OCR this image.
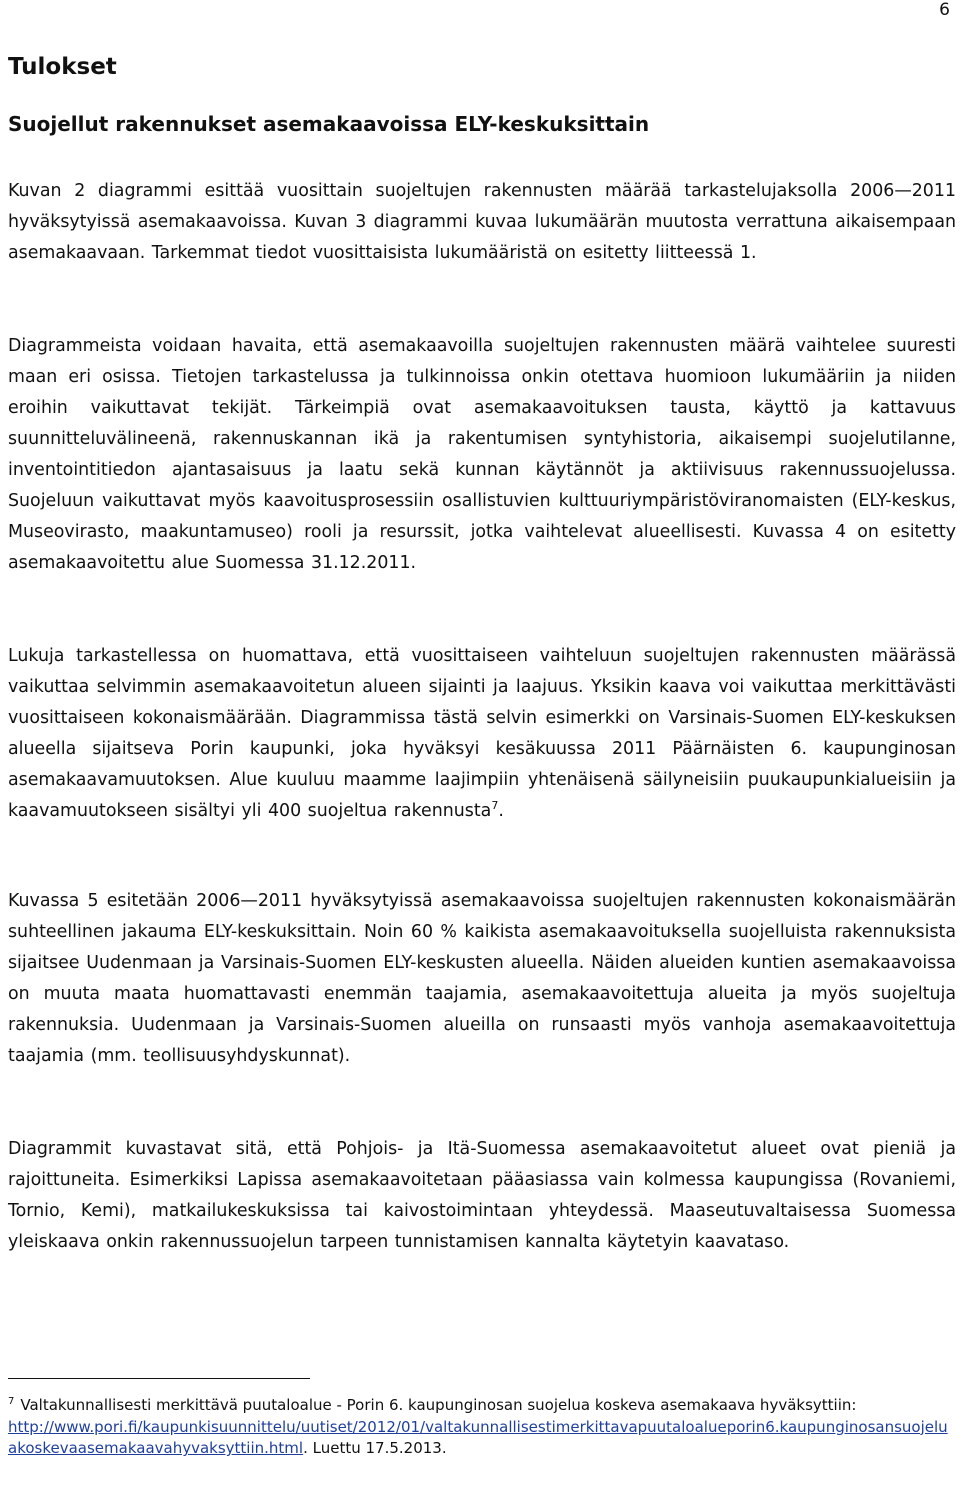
6
Tulokset
Suojellut rakennukset asemakaavoissa ELY-keskuksittain

Kuvan 2 diagrammi esittää vuosittain suojeltujen rakennusten määrää tarkastelujaksolla 2006—2011 hyväksytyissä asemakaavoissa. Kuvan 3 diagrammi kuvaa lukumäärän muutosta verrattuna aikaisempaan asemakaavaan. Tarkemmat tiedot vuosittaisista lukumääristä on esitetty liitteessä 1.

Diagrammeista voidaan havaita, että asemakaavoilla suojeltujen rakennusten määrä vaihtelee suuresti maan eri osissa. Tietojen tarkastelussa ja tulkinnoissa onkin otettava huomioon lukumääriin ja niiden eroihin vaikuttavat tekijät. Tärkeimpiä ovat asemakaavoituksen tausta, käyttö ja kattavuus suunnitteluvälineenä, rakennuskannan ikä ja rakentumisen syntyhistoria, aikaisempi suojelutilanne, inventointitiedon ajantasaisuus ja laatu sekä kunnan käytännöt ja aktiivisuus rakennussuojelussa. Suojeluun vaikuttavat myös kaavoitusprosessiin osallistuvien kulttuuriympäristöviranomaisten (ELY-keskus, Museovirasto, maakuntamuseo) rooli ja resurssit, jotka vaihtelevat alueellisesti. Kuvassa 4 on esitetty asemakaavoitettu alue Suomessa 31.12.2011.

Lukuja tarkastellessa on huomattava, että vuosittaiseen vaihteluun suojeltujen rakennusten määrässä vaikuttaa selvimmin asemakaavoitetun alueen sijainti ja laajuus. Yksikin kaava voi vaikuttaa merkittävästi vuosittaiseen kokonaismäärään. Diagrammissa tästä selvin esimerkki on Varsinais-Suomen ELY-keskuksen alueella sijaitseva Porin kaupunki, joka hyväksyi kesäkuussa 2011 Päärnäisten 6. kaupunginosan asemakaavamuutoksen. Alue kuuluu maamme laajimpiin yhtenäisenä säilyneisiin puukaupunkialueisiin ja kaavamuutokseen sisältyi yli 400 suojeltua rakennusta$^7$.

Kuvassa 5 esitetään 2006—2011 hyväksytyissä asemakaavoissa suojeltujen rakennusten kokonaismäärän suhteellinen jakauma ELY-keskuksittain. Noin 60 % kaikista asemakaavoituksella suojelluista rakennuksista sijaitsee Uudenmaan ja Varsinais-Suomen ELY-keskusten alueella. Näiden alueiden kuntien asemakaavoissa on muuta maata huomattavasti enemmän taajamia, asemakaavoitettuja alueita ja myös suojeltuja rakennuksia. Uudenmaan ja Varsinais-Suomen alueilla on runsaasti myös vanhoja asemakaavoitettuja taajamia (mm. teollisuusyhdyskunnat).

Diagrammit kuvastavat sitä, että Pohjois- ja Itä-Suomessa asemakaavoitetut alueet ovat pieniä ja rajoittuneita. Esimerkiksi Lapissa asemakaavoitetaan pääasiassa vain kolmessa kaupungissa (Rovaniemi, Tornio, Kemi), matkailukeskuksissa tai kaivostoimintaan yhteydessä. Maaseutuvaltaisessa Suomessa yleiskaava onkin rakennussuojelun tarpeen tunnistamisen kannalta käytetyin kaavataso.

$^7$ Valtakunnallisesti merkittävä puutaloalue - Porin 6. kaupunginosan suojelua koskeva asemakaava hyväksyttiin:
http://www.pori.fi/kaupunkisuunnittelu/uutiset/2012/01/valtakunnallisestimerkittavapuutaloalueporin6.kaupunginosansuojeluakoskevaasemakaavahyvaksyttiin.html. Luettu 17.5.2013.
